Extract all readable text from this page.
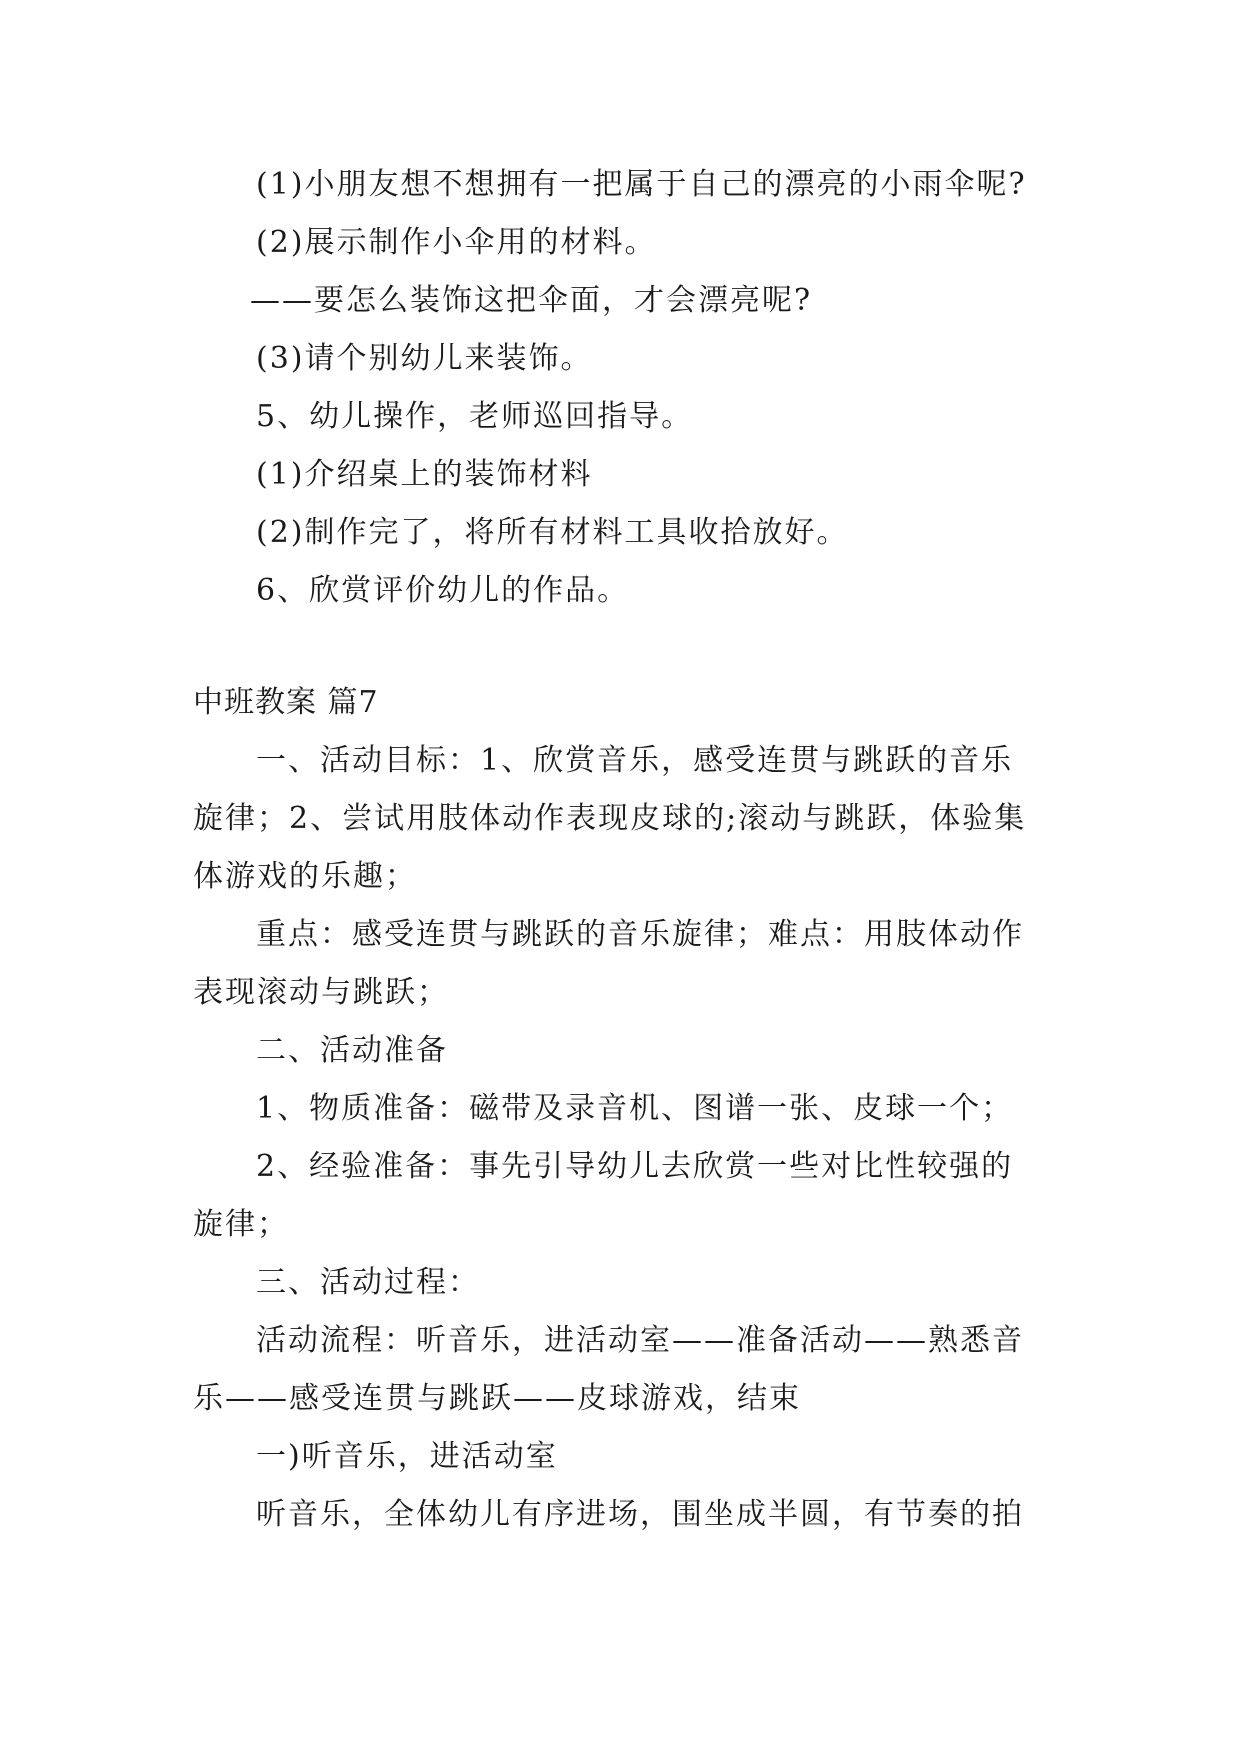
(1)小朋友想不想拥有一把属于自己的漂亮的小雨伞呢?
(2)展示制作小伞用的材料。
——要怎么装饰这把伞面，才会漂亮呢?
(3)请个别幼儿来装饰。
5、幼儿操作，老师巡回指导。
(1)介绍桌上的装饰材料
(2)制作完了，将所有材料工具收拾放好。
6、欣赏评价幼儿的作品。
中班教案 篇7
一、活动目标：1、欣赏音乐，感受连贯与跳跃的音乐
旋律；2、尝试用肢体动作表现皮球的;滚动与跳跃，体验集
体游戏的乐趣；
重点：感受连贯与跳跃的音乐旋律；难点：用肢体动作
表现滚动与跳跃；
二、活动准备
1、物质准备：磁带及录音机、图谱一张、皮球一个；
2、经验准备：事先引导幼儿去欣赏一些对比性较强的
旋律；
三、活动过程：
活动流程：听音乐，进活动室——准备活动——熟悉音
乐——感受连贯与跳跃——皮球游戏，结束
一)听音乐，进活动室
听音乐，全体幼儿有序进场，围坐成半圆，有节奏的拍
